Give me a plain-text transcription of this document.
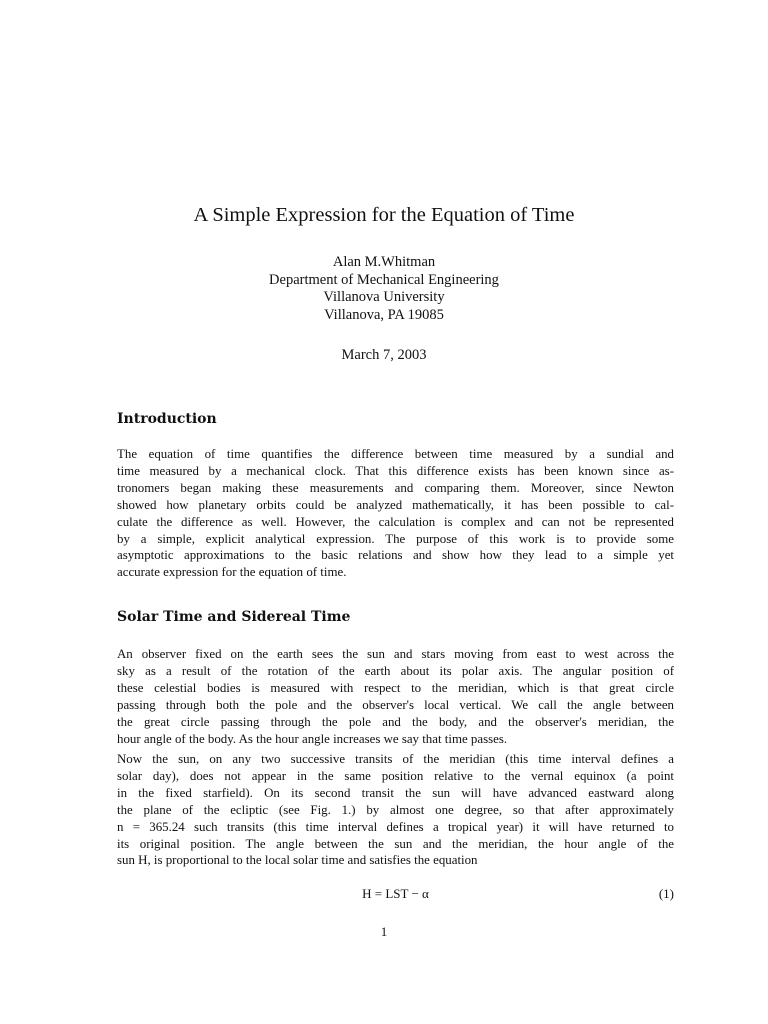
A Simple Expression for the Equation of Time
Alan M.Whitman
Department of Mechanical Engineering
Villanova University
Villanova, PA 19085
March 7, 2003
Introduction

The equation of time quantifies the difference between time measured by a sundial and
time measured by a mechanical clock. That this difference exists has been known since as-
tronomers began making these measurements and comparing them. Moreover, since Newton
showed how planetary orbits could be analyzed mathematically, it has been possible to cal-
culate the difference as well. However, the calculation is complex and can not be represented
by a simple, explicit analytical expression. The purpose of this work is to provide some
asymptotic approximations to the basic relations and show how they lead to a simple yet
accurate expression for the equation of time.

Solar Time and Sidereal Time

An observer fixed on the earth sees the sun and stars moving from east to west across the
sky as a result of the rotation of the earth about its polar axis. The angular position of
these celestial bodies is measured with respect to the meridian, which is that great circle
passing through both the pole and the observer's local vertical. We call the angle between
the great circle passing through the pole and the body, and the observer's meridian, the
hour angle of the body. As the hour angle increases we say that time passes.

Now the sun, on any two successive transits of the meridian (this time interval defines a
solar day), does not appear in the same position relative to the vernal equinox (a point
in the fixed starfield). On its second transit the sun will have advanced eastward along
the plane of the ecliptic (see Fig. 1.) by almost one degree, so that after approximately
n = 365.24 such transits (this time interval defines a tropical year) it will have returned to
its original position. The angle between the sun and the meridian, the hour angle of the
sun H, is proportional to the local solar time and satisfies the equation

H = LST − α	(1)
1
